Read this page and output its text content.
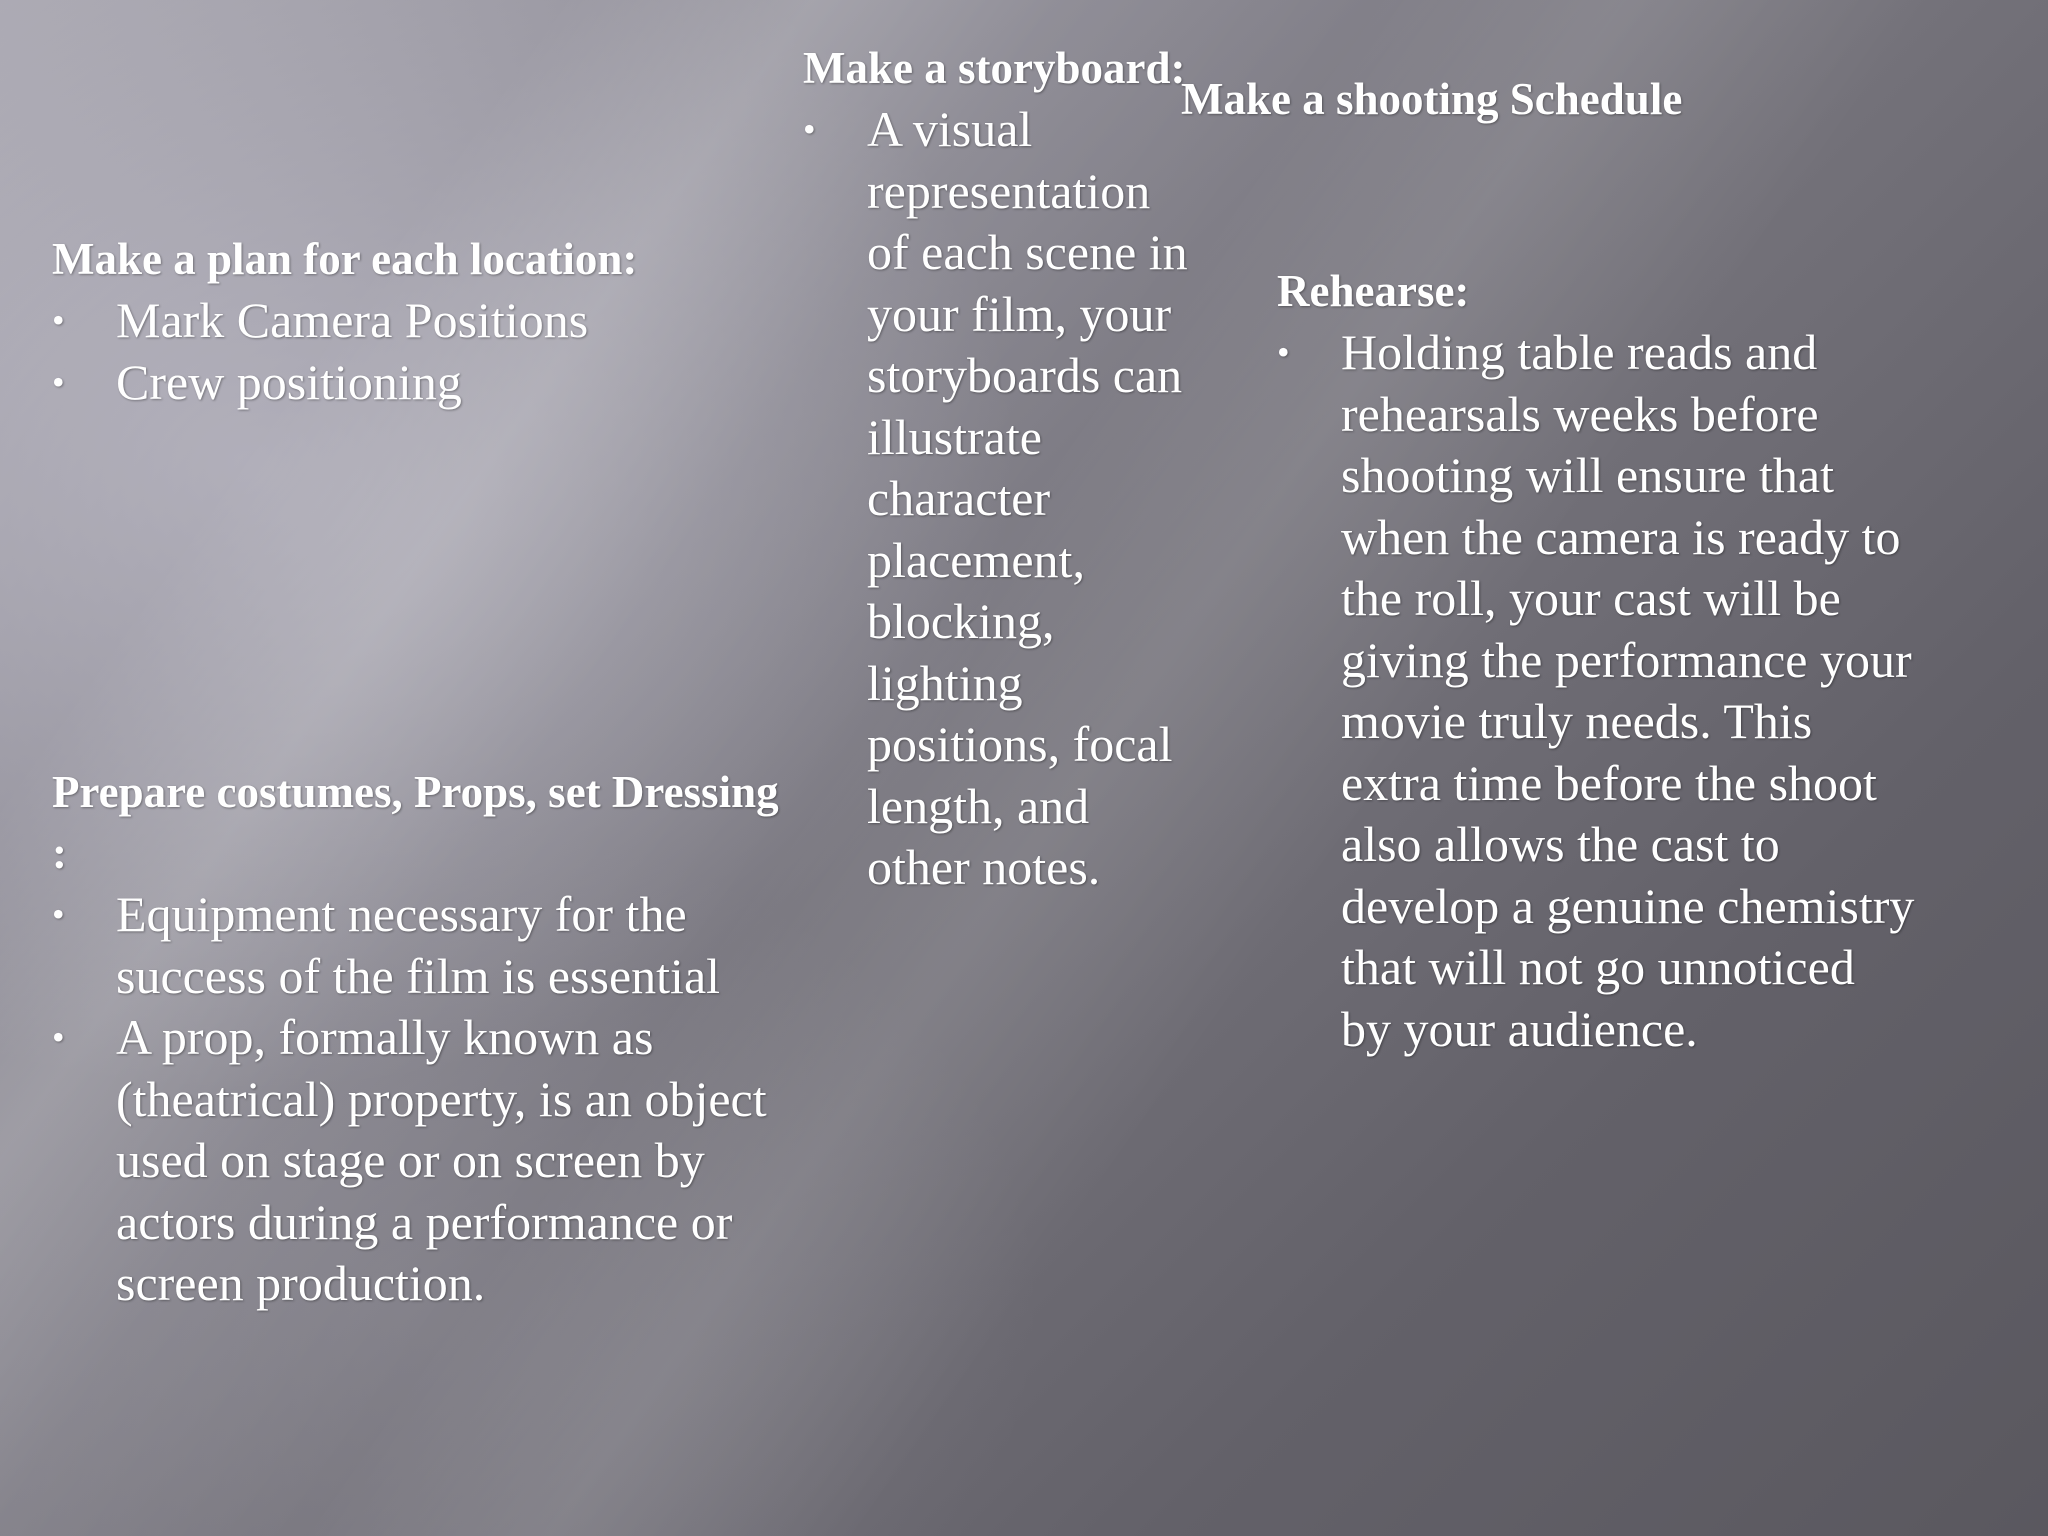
Make a plan for each location:

• Mark Camera Positions
• Crew positioning

Prepare costumes, Props, set Dressing :

• Equipment necessary for the success of the film is essential
• A prop, formally known as (theatrical) property, is an object used on stage or on screen by actors during a performance or screen production.

Make a storyboard:

• A visual representation of each scene in your film, your storyboards can illustrate character placement, blocking, lighting positions, focal length, and other notes.

Make a shooting Schedule

Rehearse:

• Holding table reads and rehearsals weeks before shooting will ensure that when the camera is ready to the roll, your cast will be giving the performance your movie truly needs. This extra time before the shoot also allows the cast to develop a genuine chemistry that will not go unnoticed by your audience.
